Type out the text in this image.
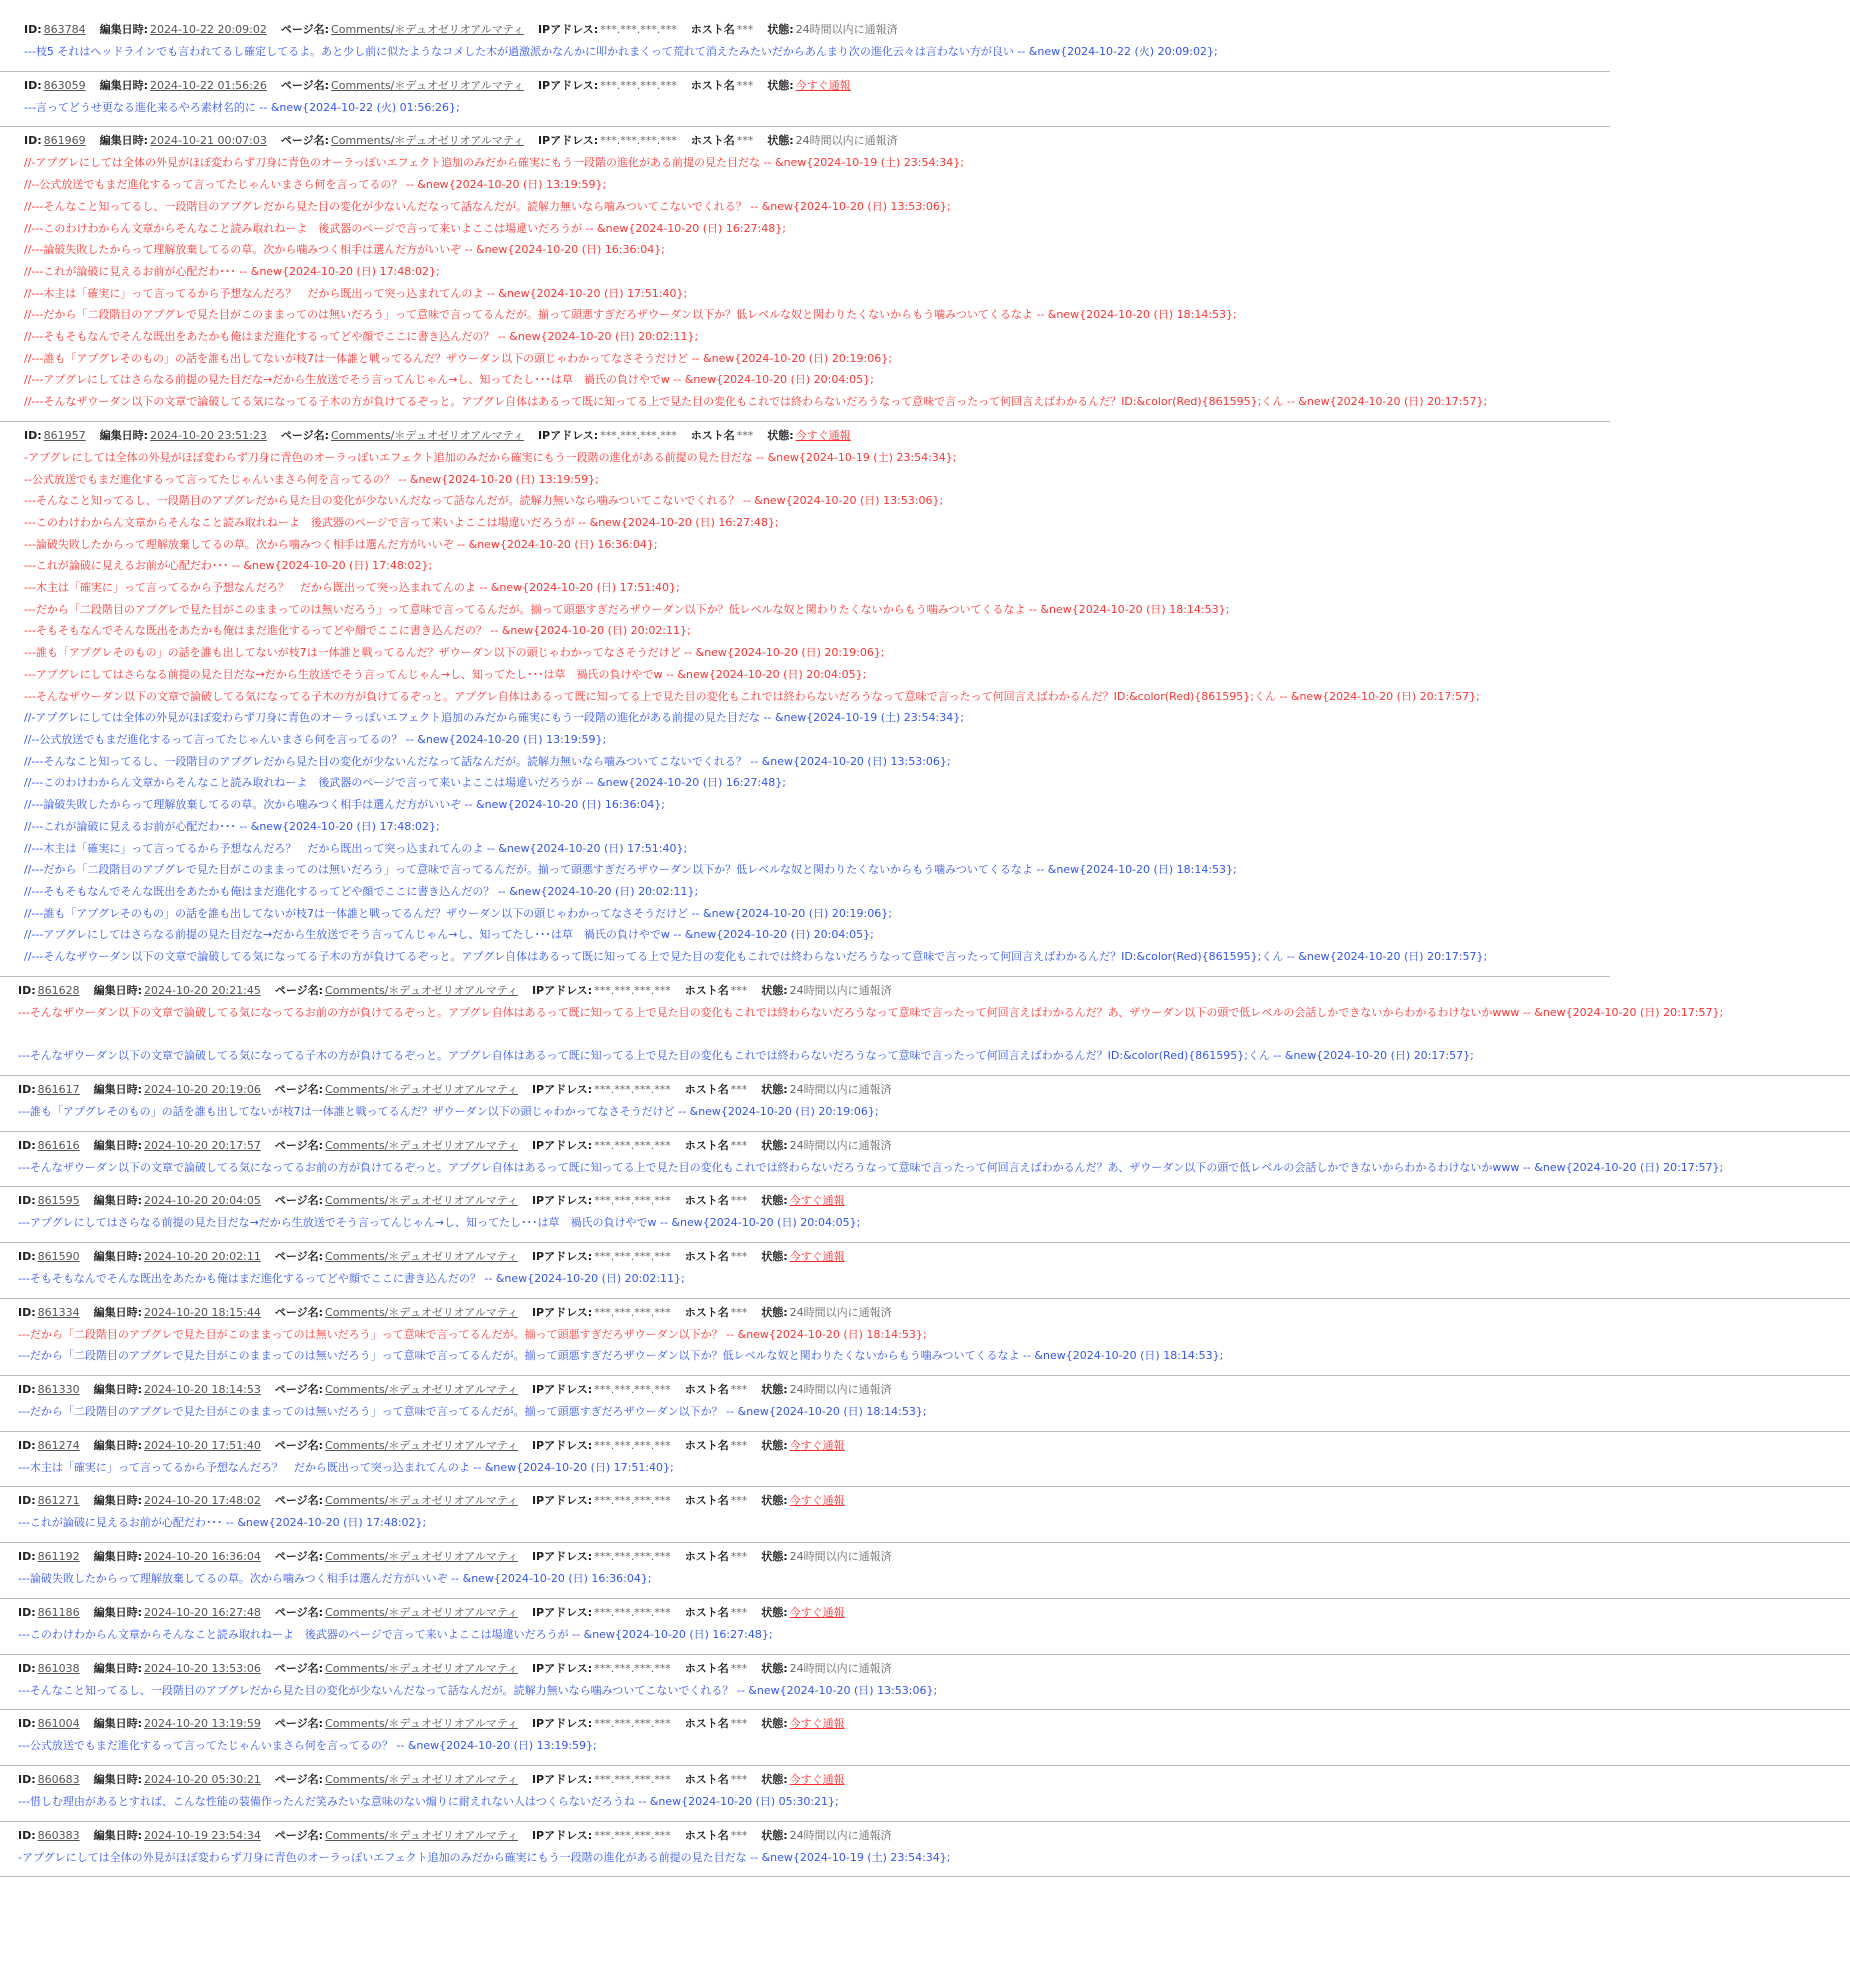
ID: 863784 編集日時: 2024-10-22 20:09:02 ページ名: Comments/＊デュオゼリオアルマティ IPアドレス: ***.***.***.*** ホスト名 *** 状態: 24時間以内に通報済
---枝5 それはヘッドラインでも言われてるし確定してるよ。あと少し前に似たようなコメした木が過激派かなんかに叩かれまくって荒れて消えたみたいだからあんまり次の進化云々は言わない方が良い -- &new{2024-10-22 (火) 20:09:02};
ID: 863059 編集日時: 2024-10-22 01:56:26 ページ名: Comments/＊デュオゼリオアルマティ IPアドレス: ***.***.***.*** ホスト名 *** 状態: 今すぐ通報
---言ってどうせ更なる進化来るやろ素材名的に -- &new{2024-10-22 (火) 01:56:26};
ID: 861969 編集日時: 2024-10-21 00:07:03 ページ名: Comments/＊デュオゼリオアルマティ IPアドレス: ***.***.***.*** ホスト名 *** 状態: 24時間以内に通報済
//-アプグレにしては全体の外見がほぼ変わらず刀身に青色のオーラっぽいエフェクト追加のみだから確実にもう一段階の進化がある前提の見た目だな -- &new{2024-10-19 (土) 23:54:34};
//--公式放送でもまだ進化するって言ってたじゃんいまさら何を言ってるの？ -- &new{2024-10-20 (日) 13:19:59};
//---そんなこと知ってるし、一段階目のアプグレだから見た目の変化が少ないんだなって話なんだが。読解力無いなら噛みついてこないでくれる？ -- &new{2024-10-20 (日) 13:53:06};
//---このわけわからん文章からそんなこと読み取れねーよ　後武器のページで言って来いよここは場違いだろうが -- &new{2024-10-20 (日) 16:27:48};
//---論破失敗したからって理解放棄してるの草。次から噛みつく相手は選んだ方がいいぞ -- &new{2024-10-20 (日) 16:36:04};
//---これが論破に見えるお前が心配だわ･･･ -- &new{2024-10-20 (日) 17:48:02};
//---木主は「確実に」って言ってるから予想なんだろ？　だから既出って突っ込まれてんのよ -- &new{2024-10-20 (日) 17:51:40};
//---だから「二段階目のアプグレで見た目がこのままってのは無いだろう」って意味で言ってるんだが。揃って頭悪すぎだろザウーダン以下か？低レベルな奴と関わりたくないからもう噛みついてくるなよ -- &new{2024-10-20 (日) 18:14:53};
//---そもそもなんでそんな既出をあたかも俺はまだ進化するってどや顔でここに書き込んだの？ -- &new{2024-10-20 (日) 20:02:11};
//---誰も「アプグレそのもの」の話を誰も出してないが枝7は一体誰と戦ってるんだ？ザウーダン以下の頭じゃわかってなさそうだけど -- &new{2024-10-20 (日) 20:19:06};
//---アプグレにしてはさらなる前提の見た目だな→だから生放送でそう言ってんじゃん→し、知ってたし･･･は草　禍氏の負けやでw -- &new{2024-10-20 (日) 20:04:05};
//---そんなザウーダン以下の文章で論破してる気になってる子木の方が負けてるぞっと。アプグレ自体はあるって既に知ってる上で見た目の変化もこれでは終わらないだろうなって意味で言ったって何回言えばわかるんだ？ID:&color(Red){861595};くん -- &new{2024-10-20 (日) 20:17:57};
ID: 861957 編集日時: 2024-10-20 23:51:23 ページ名: Comments/＊デュオゼリオアルマティ IPアドレス: ***.***.***.*** ホスト名 *** 状態: 今すぐ通報
-アプグレにしては全体の外見がほぼ変わらず刀身に青色のオーラっぽいエフェクト追加のみだから確実にもう一段階の進化がある前提の見た目だな -- &new{2024-10-19 (土) 23:54:34};
--公式放送でもまだ進化するって言ってたじゃんいまさら何を言ってるの？ -- &new{2024-10-20 (日) 13:19:59};
---そんなこと知ってるし、一段階目のアプグレだから見た目の変化が少ないんだなって話なんだが。読解力無いなら噛みついてこないでくれる？ -- &new{2024-10-20 (日) 13:53:06};
---このわけわからん文章からそんなこと読み取れねーよ　後武器のページで言って来いよここは場違いだろうが -- &new{2024-10-20 (日) 16:27:48};
---論破失敗したからって理解放棄してるの草。次から噛みつく相手は選んだ方がいいぞ -- &new{2024-10-20 (日) 16:36:04};
---これが論破に見えるお前が心配だわ･･･ -- &new{2024-10-20 (日) 17:48:02};
---木主は「確実に」って言ってるから予想なんだろ？　だから既出って突っ込まれてんのよ -- &new{2024-10-20 (日) 17:51:40};
---だから「二段階目のアプグレで見た目がこのままってのは無いだろう」って意味で言ってるんだが。揃って頭悪すぎだろザウーダン以下か？低レベルな奴と関わりたくないからもう噛みついてくるなよ -- &new{2024-10-20 (日) 18:14:53};
---そもそもなんでそんな既出をあたかも俺はまだ進化するってどや顔でここに書き込んだの？ -- &new{2024-10-20 (日) 20:02:11};
---誰も「アプグレそのもの」の話を誰も出してないが枝7は一体誰と戦ってるんだ？ザウーダン以下の頭じゃわかってなさそうだけど -- &new{2024-10-20 (日) 20:19:06};
---アプグレにしてはさらなる前提の見た目だな→だから生放送でそう言ってんじゃん→し、知ってたし･･･は草　禍氏の負けやでw -- &new{2024-10-20 (日) 20:04:05};
---そんなザウーダン以下の文章で論破してる気になってる子木の方が負けてるぞっと。アプグレ自体はあるって既に知ってる上で見た目の変化もこれでは終わらないだろうなって意味で言ったって何回言えばわかるんだ？ID:&color(Red){861595};くん -- &new{2024-10-20 (日) 20:17:57};
//-アプグレにしては全体の外見がほぼ変わらず刀身に青色のオーラっぽいエフェクト追加のみだから確実にもう一段階の進化がある前提の見た目だな -- &new{2024-10-19 (土) 23:54:34};
//--公式放送でもまだ進化するって言ってたじゃんいまさら何を言ってるの？ -- &new{2024-10-20 (日) 13:19:59};
//---そんなこと知ってるし、一段階目のアプグレだから見た目の変化が少ないんだなって話なんだが。読解力無いなら噛みついてこないでくれる？ -- &new{2024-10-20 (日) 13:53:06};
//---このわけわからん文章からそんなこと読み取れねーよ　後武器のページで言って来いよここは場違いだろうが -- &new{2024-10-20 (日) 16:27:48};
//---論破失敗したからって理解放棄してるの草。次から噛みつく相手は選んだ方がいいぞ -- &new{2024-10-20 (日) 16:36:04};
//---これが論破に見えるお前が心配だわ･･･ -- &new{2024-10-20 (日) 17:48:02};
//---木主は「確実に」って言ってるから予想なんだろ？　だから既出って突っ込まれてんのよ -- &new{2024-10-20 (日) 17:51:40};
//---だから「二段階目のアプグレで見た目がこのままってのは無いだろう」って意味で言ってるんだが。揃って頭悪すぎだろザウーダン以下か？低レベルな奴と関わりたくないからもう噛みついてくるなよ -- &new{2024-10-20 (日) 18:14:53};
//---そもそもなんでそんな既出をあたかも俺はまだ進化するってどや顔でここに書き込んだの？ -- &new{2024-10-20 (日) 20:02:11};
//---誰も「アプグレそのもの」の話を誰も出してないが枝7は一体誰と戦ってるんだ？ザウーダン以下の頭じゃわかってなさそうだけど -- &new{2024-10-20 (日) 20:19:06};
//---アプグレにしてはさらなる前提の見た目だな→だから生放送でそう言ってんじゃん→し、知ってたし･･･は草　禍氏の負けやでw -- &new{2024-10-20 (日) 20:04:05};
//---そんなザウーダン以下の文章で論破してる気になってる子木の方が負けてるぞっと。アプグレ自体はあるって既に知ってる上で見た目の変化もこれでは終わらないだろうなって意味で言ったって何回言えばわかるんだ？ID:&color(Red){861595};くん -- &new{2024-10-20 (日) 20:17:57};
ID: 861628 編集日時: 2024-10-20 20:21:45 ページ名: Comments/＊デュオゼリオアルマティ IPアドレス: ***.***.***.*** ホスト名 *** 状態: 24時間以内に通報済
---そんなザウーダン以下の文章で論破してる気になってるお前の方が負けてるぞっと。アプグレ自体はあるって既に知ってる上で見た目の変化もこれでは終わらないだろうなって意味で言ったって何回言えばわかるんだ？あ、ザウーダン以下の頭で低レベルの会話しかできないからわかるわけないかwww -- &new{2024-10-20 (日) 20:17:57};
---そんなザウーダン以下の文章で論破してる気になってる子木の方が負けてるぞっと。アプグレ自体はあるって既に知ってる上で見た目の変化もこれでは終わらないだろうなって意味で言ったって何回言えばわかるんだ？ID:&color(Red){861595};くん -- &new{2024-10-20 (日) 20:17:57};
ID: 861617 編集日時: 2024-10-20 20:19:06 ページ名: Comments/＊デュオゼリオアルマティ IPアドレス: ***.***.***.*** ホスト名 *** 状態: 24時間以内に通報済
---誰も「アプグレそのもの」の話を誰も出してないが枝7は一体誰と戦ってるんだ？ザウーダン以下の頭じゃわかってなさそうだけど -- &new{2024-10-20 (日) 20:19:06};
ID: 861616 編集日時: 2024-10-20 20:17:57 ページ名: Comments/＊デュオゼリオアルマティ IPアドレス: ***.***.***.*** ホスト名 *** 状態: 24時間以内に通報済
---そんなザウーダン以下の文章で論破してる気になってるお前の方が負けてるぞっと。アプグレ自体はあるって既に知ってる上で見た目の変化もこれでは終わらないだろうなって意味で言ったって何回言えばわかるんだ？あ、ザウーダン以下の頭で低レベルの会話しかできないからわかるわけないかwww -- &new{2024-10-20 (日) 20:17:57};
ID: 861595 編集日時: 2024-10-20 20:04:05 ページ名: Comments/＊デュオゼリオアルマティ IPアドレス: ***.***.***.*** ホスト名 *** 状態: 今すぐ通報
---アプグレにしてはさらなる前提の見た目だな→だから生放送でそう言ってんじゃん→し、知ってたし･･･は草　禍氏の負けやでw -- &new{2024-10-20 (日) 20:04:05};
ID: 861590 編集日時: 2024-10-20 20:02:11 ページ名: Comments/＊デュオゼリオアルマティ IPアドレス: ***.***.***.*** ホスト名 *** 状態: 今すぐ通報
---そもそもなんでそんな既出をあたかも俺はまだ進化するってどや顔でここに書き込んだの？ -- &new{2024-10-20 (日) 20:02:11};
ID: 861334 編集日時: 2024-10-20 18:15:44 ページ名: Comments/＊デュオゼリオアルマティ IPアドレス: ***.***.***.*** ホスト名 *** 状態: 24時間以内に通報済
---だから「二段階目のアプグレで見た目がこのままってのは無いだろう」って意味で言ってるんだが。揃って頭悪すぎだろザウーダン以下か？ -- &new{2024-10-20 (日) 18:14:53};
---だから「二段階目のアプグレで見た目がこのままってのは無いだろう」って意味で言ってるんだが。揃って頭悪すぎだろザウーダン以下か？低レベルな奴と関わりたくないからもう噛みついてくるなよ -- &new{2024-10-20 (日) 18:14:53};
ID: 861330 編集日時: 2024-10-20 18:14:53 ページ名: Comments/＊デュオゼリオアルマティ IPアドレス: ***.***.***.*** ホスト名 *** 状態: 24時間以内に通報済
---だから「二段階目のアプグレで見た目がこのままってのは無いだろう」って意味で言ってるんだが。揃って頭悪すぎだろザウーダン以下か？ -- &new{2024-10-20 (日) 18:14:53};
ID: 861274 編集日時: 2024-10-20 17:51:40 ページ名: Comments/＊デュオゼリオアルマティ IPアドレス: ***.***.***.*** ホスト名 *** 状態: 今すぐ通報
---木主は「確実に」って言ってるから予想なんだろ？　だから既出って突っ込まれてんのよ -- &new{2024-10-20 (日) 17:51:40};
ID: 861271 編集日時: 2024-10-20 17:48:02 ページ名: Comments/＊デュオゼリオアルマティ IPアドレス: ***.***.***.*** ホスト名 *** 状態: 今すぐ通報
---これが論破に見えるお前が心配だわ･･･ -- &new{2024-10-20 (日) 17:48:02};
ID: 861192 編集日時: 2024-10-20 16:36:04 ページ名: Comments/＊デュオゼリオアルマティ IPアドレス: ***.***.***.*** ホスト名 *** 状態: 24時間以内に通報済
---論破失敗したからって理解放棄してるの草。次から噛みつく相手は選んだ方がいいぞ -- &new{2024-10-20 (日) 16:36:04};
ID: 861186 編集日時: 2024-10-20 16:27:48 ページ名: Comments/＊デュオゼリオアルマティ IPアドレス: ***.***.***.*** ホスト名 *** 状態: 今すぐ通報
---このわけわからん文章からそんなこと読み取れねーよ　後武器のページで言って来いよここは場違いだろうが -- &new{2024-10-20 (日) 16:27:48};
ID: 861038 編集日時: 2024-10-20 13:53:06 ページ名: Comments/＊デュオゼリオアルマティ IPアドレス: ***.***.***.*** ホスト名 *** 状態: 24時間以内に通報済
---そんなこと知ってるし、一段階目のアプグレだから見た目の変化が少ないんだなって話なんだが。読解力無いなら噛みついてこないでくれる？ -- &new{2024-10-20 (日) 13:53:06};
ID: 861004 編集日時: 2024-10-20 13:19:59 ページ名: Comments/＊デュオゼリオアルマティ IPアドレス: ***.***.***.*** ホスト名 *** 状態: 今すぐ通報
---公式放送でもまだ進化するって言ってたじゃんいまさら何を言ってるの？ -- &new{2024-10-20 (日) 13:19:59};
ID: 860683 編集日時: 2024-10-20 05:30:21 ページ名: Comments/＊デュオゼリオアルマティ IPアドレス: ***.***.***.*** ホスト名 *** 状態: 今すぐ通報
---惜しむ理由があるとすれば、こんな性能の装備作ったんだ笑みたいな意味のない煽りに耐えれない人はつくらないだろうね -- &new{2024-10-20 (日) 05:30:21};
ID: 860383 編集日時: 2024-10-19 23:54:34 ページ名: Comments/＊デュオゼリオアルマティ IPアドレス: ***.***.***.*** ホスト名 *** 状態: 24時間以内に通報済
-アプグレにしては全体の外見がほぼ変わらず刀身に青色のオーラっぽいエフェクト追加のみだから確実にもう一段階の進化がある前提の見た目だな -- &new{2024-10-19 (土) 23:54:34};
